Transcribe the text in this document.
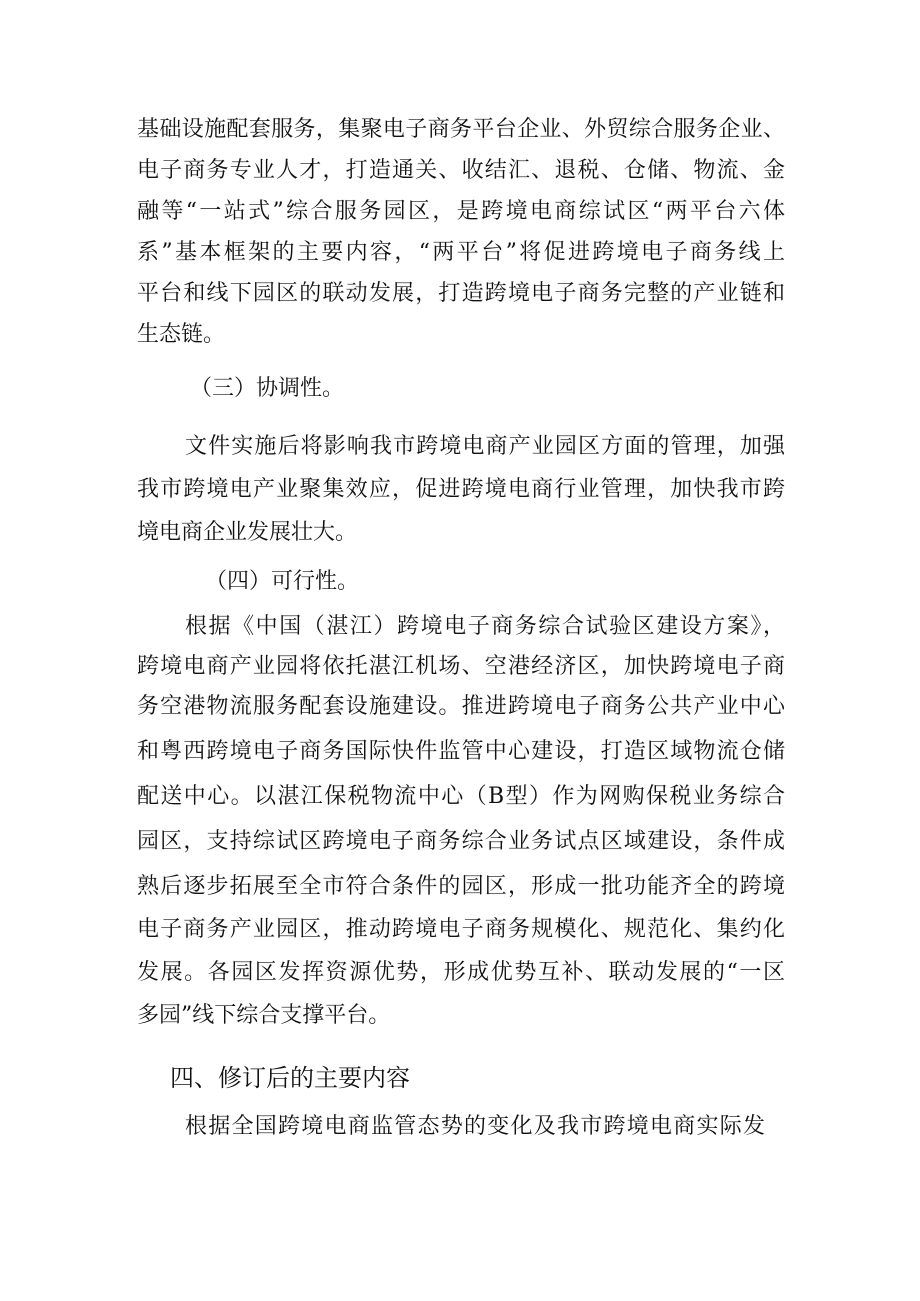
基础设施配套服务，集聚电子商务平台企业、外贸综合服务企业、
电子商务专业人才，打造通关、收结汇、退税、仓储、物流、金
融等“一站式”综合服务园区，是跨境电商综试区“两平台六体
系”基本框架的主要内容，“两平台”将促进跨境电子商务线上
平台和线下园区的联动发展，打造跨境电子商务完整的产业链和
生态链。
（三）协调性。
文件实施后将影响我市跨境电商产业园区方面的管理，加强
我市跨境电产业聚集效应，促进跨境电商行业管理，加快我市跨
境电商企业发展壮大。
（四）可行性。
根据《中国（湛江）跨境电子商务综合试验区建设方案》，
跨境电商产业园将依托湛江机场、空港经济区，加快跨境电子商
务空港物流服务配套设施建设。推进跨境电子商务公共产业中心
和粤西跨境电子商务国际快件监管中心建设，打造区域物流仓储
配送中心。以湛江保税物流中心（B型）作为网购保税业务综合
园区，支持综试区跨境电子商务综合业务试点区域建设，条件成
熟后逐步拓展至全市符合条件的园区，形成一批功能齐全的跨境
电子商务产业园区，推动跨境电子商务规模化、规范化、集约化
发展。各园区发挥资源优势，形成优势互补、联动发展的“一区
多园”线下综合支撑平台。
四、修订后的主要内容
根据全国跨境电商监管态势的变化及我市跨境电商实际发
